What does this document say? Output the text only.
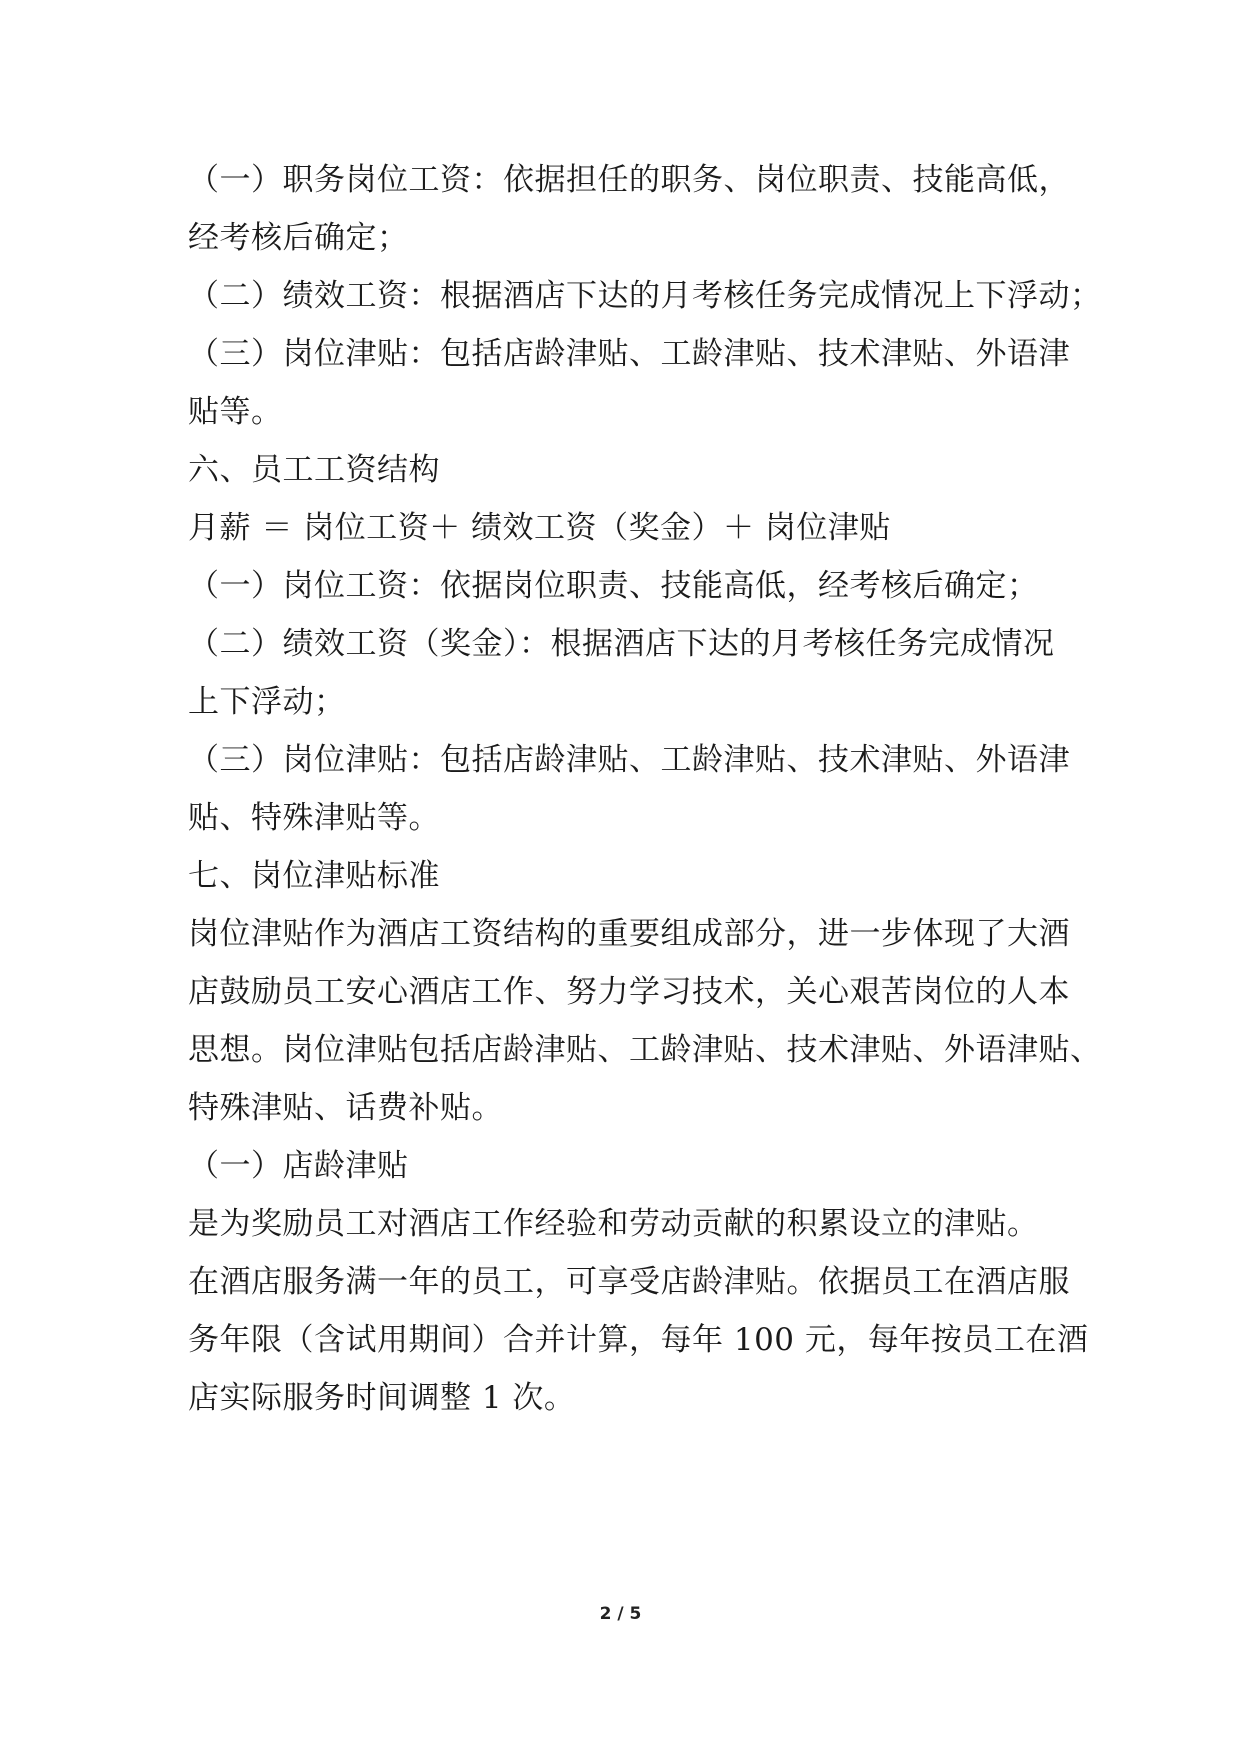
（一）职务岗位工资：依据担任的职务、岗位职责、技能高低，
经考核后确定；
（二）绩效工资：根据酒店下达的月考核任务完成情况上下浮动；
（三）岗位津贴：包括店龄津贴、工龄津贴、技术津贴、外语津
贴等。
六、员工工资结构
月薪 ＝ 岗位工资＋ 绩效工资（奖金）＋ 岗位津贴
（一）岗位工资：依据岗位职责、技能高低，经考核后确定；
（二）绩效工资（奖金）：根据酒店下达的月考核任务完成情况
上下浮动；
（三）岗位津贴：包括店龄津贴、工龄津贴、技术津贴、外语津
贴、特殊津贴等。
七、岗位津贴标准
岗位津贴作为酒店工资结构的重要组成部分，进一步体现了大酒
店鼓励员工安心酒店工作、努力学习技术，关心艰苦岗位的人本
思想。岗位津贴包括店龄津贴、工龄津贴、技术津贴、外语津贴、
特殊津贴、话费补贴。
（一）店龄津贴
是为奖励员工对酒店工作经验和劳动贡献的积累设立的津贴。
在酒店服务满一年的员工，可享受店龄津贴。依据员工在酒店服
务年限（含试用期间）合并计算，每年 100 元，每年按员工在酒
店实际服务时间调整 1 次。
2 / 5
